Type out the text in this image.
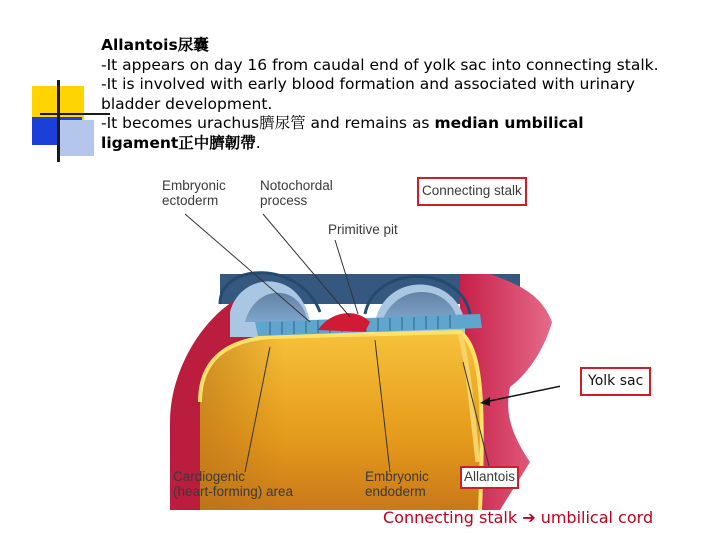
Allantois尿囊
-It appears on day 16 from caudal end of yolk sac into connecting stalk.
-It is involved with early blood formation and associated with urinary
bladder development.
-It becomes urachus臍尿管 and remains as median umbilical
ligament正中臍韌帶.
Embryonic
ectoderm
Notochordal
process
Primitive pit
Connecting stalk
Cardiogenic
(heart-forming) area
Embryonic
endoderm
Allantois
Yolk sac
Connecting stalk ➔ umbilical cord
